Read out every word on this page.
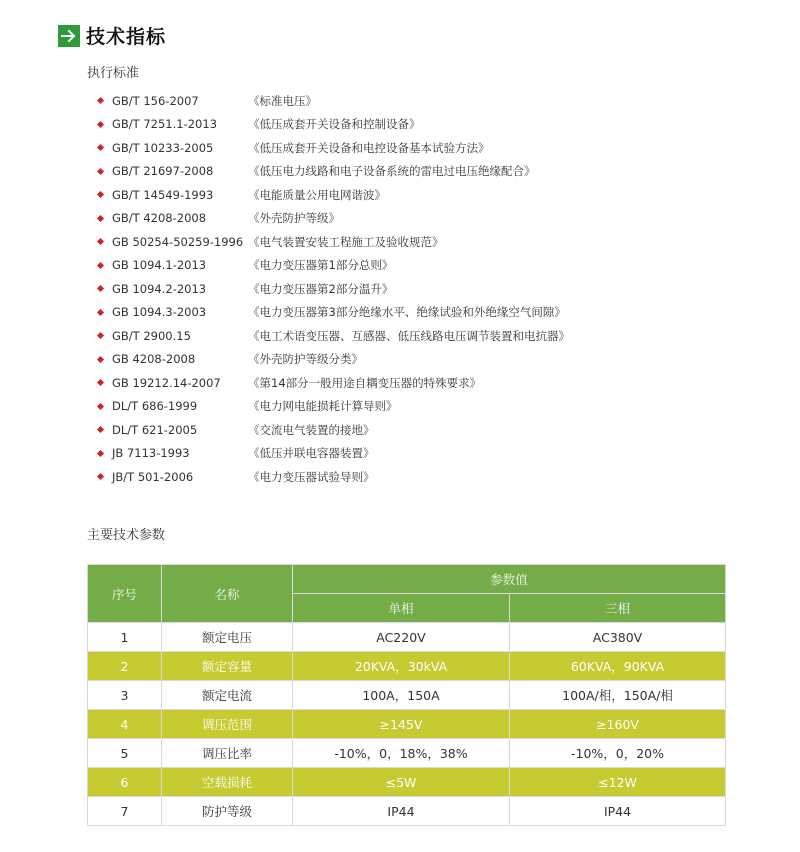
技术指标
执行标准
GB/T 156-2007	《标准电压》
GB/T 7251.1-2013	《低压成套开关设备和控制设备》
GB/T 10233-2005	《低压成套开关设备和电控设备基本试验方法》
GB/T 21697-2008	《低压电力线路和电子设备系统的雷电过电压绝缘配合》
GB/T 14549-1993	《电能质量公用电网谐波》
GB/T 4208-2008	《外壳防护等级》
GB 50254-50259-1996 《电气装置安装工程施工及验收规范》
GB 1094.1-2013	《电力变压器第1部分总则》
GB 1094.2-2013	《电力变压器第2部分温升》
GB 1094.3-2003	《电力变压器第3部分绝缘水平、绝缘试验和外绝缘空气间隙》
GB/T 2900.15	《电工术语变压器、互感器、低压线路电压调节装置和电抗器》
GB 4208-2008	《外壳防护等级分类》
GB 19212.14-2007	《第14部分一般用途自耦变压器的特殊要求》
DL/T 686-1999	《电力网电能损耗计算导则》
DL/T 621-2005	《交流电气装置的接地》
JB 7113-1993	《低压并联电容器装置》
JB/T 501-2006	《电力变压器试验导则》
主要技术参数
序号	名称	参数值	
		单相	三相
1	额定电压	AC220V	AC380V
2	额定容量	20KVA，30kVA	60KVA，90KVA
3	额定电流	100A，150A	100A/相，150A/相
4	调压范围	≥145V	≥160V
5	调压比率	-10%，0，18%，38%	-10%，0，20%
6	空载损耗	≤5W	≤12W
7	防护等级	IP44	IP44
